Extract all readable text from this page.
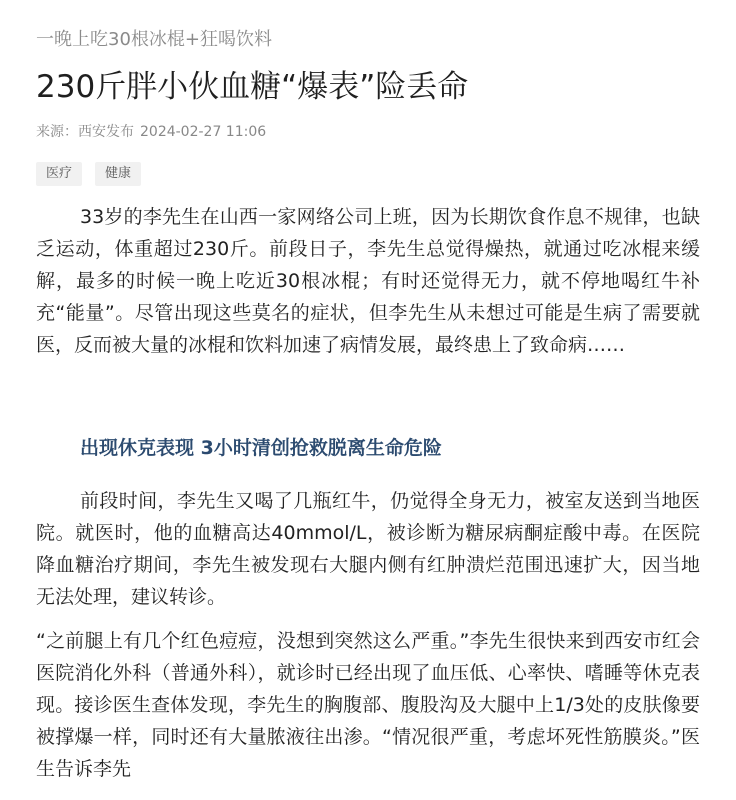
一晚上吃30根冰棍+狂喝饮料
230斤胖小伙血糖“爆表”险丢命
来源：西安发布 2024-02-27 11:06
医疗	健康

33岁的李先生在山西一家网络公司上班，因为长期饮食作息不规律，也缺乏运动，体重超过230斤。前段日子，李先生总觉得燥热，就通过吃冰棍来缓解，最多的时候一晚上吃近30根冰棍；有时还觉得无力，就不停地喝红牛补充“能量”。尽管出现这些莫名的症状，但李先生从未想过可能是生病了需要就医，反而被大量的冰棍和饮料加速了病情发展，最终患上了致命病……

出现休克表现 3小时清创抢救脱离生命危险

前段时间，李先生又喝了几瓶红牛，仍觉得全身无力，被室友送到当地医院。就医时，他的血糖高达40mmol/L，被诊断为糖尿病酮症酸中毒。在医院降血糖治疗期间，李先生被发现右大腿内侧有红肿溃烂范围迅速扩大，因当地无法处理，建议转诊。

“之前腿上有几个红色痘痘，没想到突然这么严重。”李先生很快来到西安市红会医院消化外科（普通外科），就诊时已经出现了血压低、心率快、嗜睡等休克表现。接诊医生查体发现，李先生的胸腹部、腹股沟及大腿中上1/3处的皮肤像要被撑爆一样，同时还有大量脓液往出渗。“情况很严重，考虑坏死性筋膜炎。”医生告诉李先
